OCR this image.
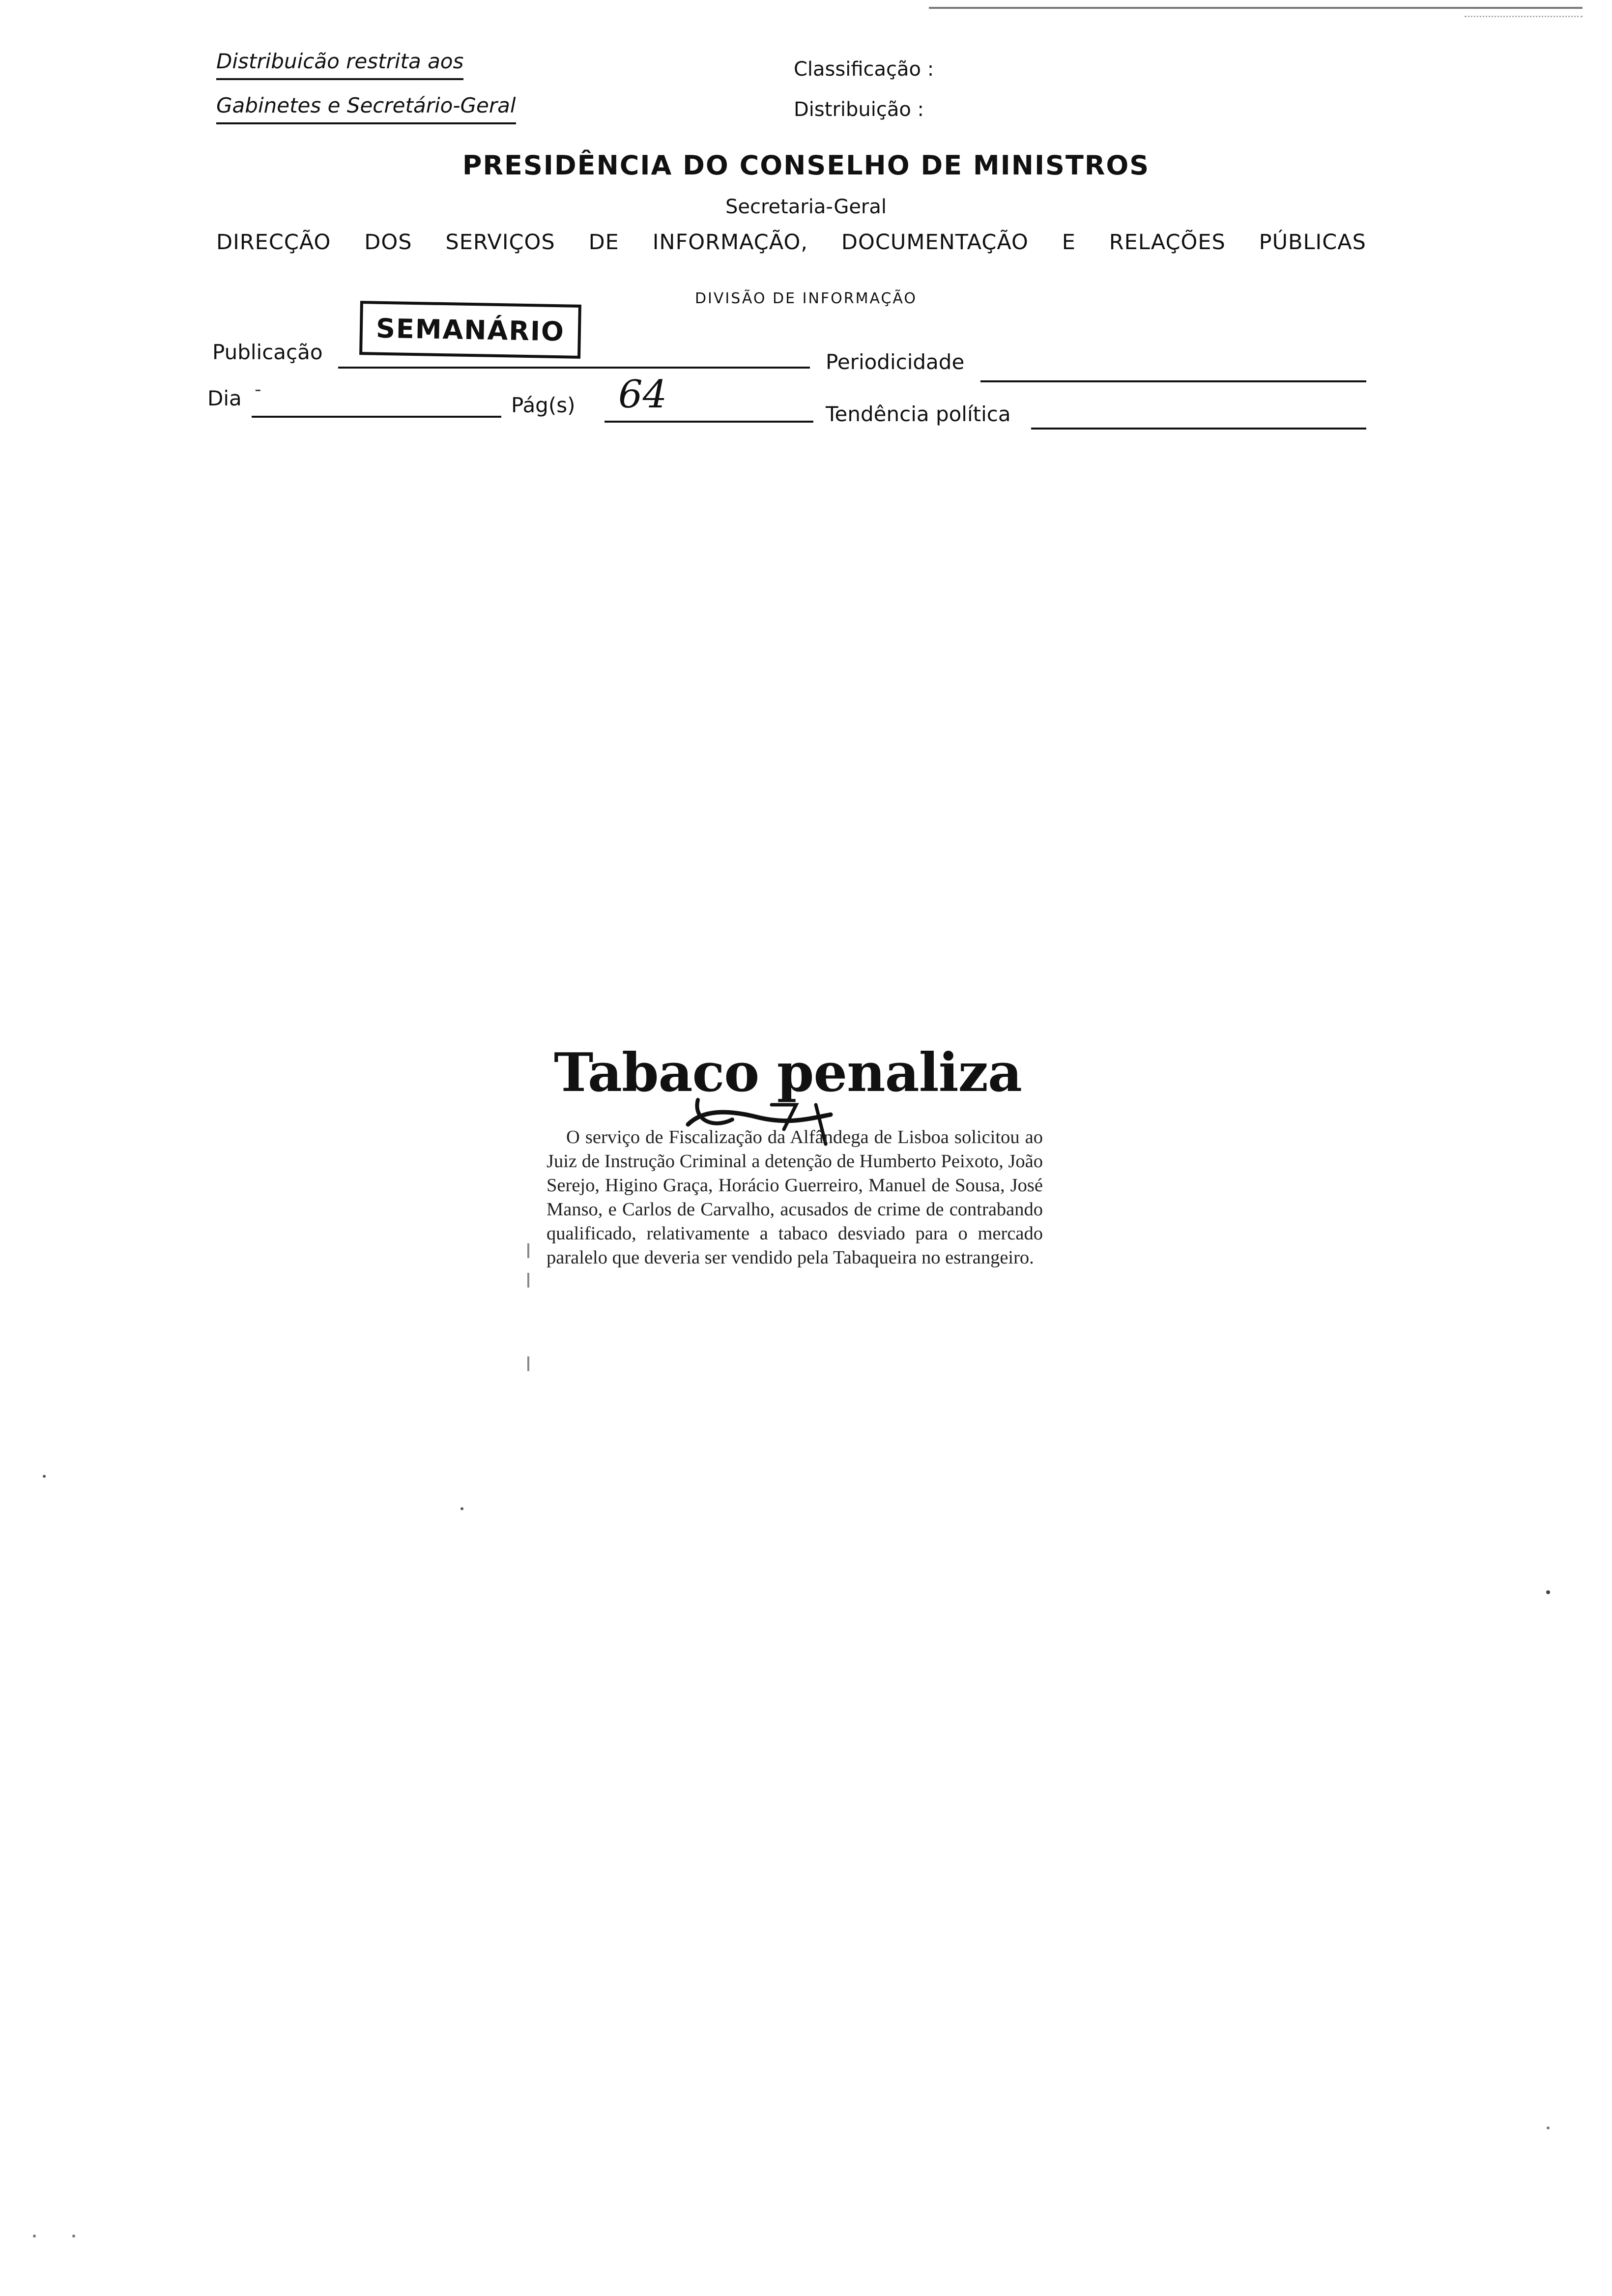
Distribuicão restrita aos
Gabinetes e Secretário-Geral
Classificação :
Distribuição :
PRESIDÊNCIA DO CONSELHO DE MINISTROS
Secretaria-Geral
DIRECÇÃO DOS SERVIÇOS DE INFORMAÇÃO, DOCUMENTAÇÃO E RELAÇÕES PÚBLICAS
DIVISÃO DE INFORMAÇÃO
Publicação
SEMANÁRIO
Periodicidade
Dia -
Pág(s) 64	Tendência política
Tabaco penaliza
O serviço de Fiscalização da Alfândega de Lisboa solicitou ao Juiz de Instrução Criminal a detenção de Humberto Peixoto, João Serejo, Higino Graça, Horácio Guerreiro, Manuel de Sousa, José Manso, e Carlos de Carvalho, acusados de crime de contrabando qualificado, relativamente a tabaco desviado para o mercado paralelo que deveria ser vendido pela Tabaqueira no estrangeiro.
